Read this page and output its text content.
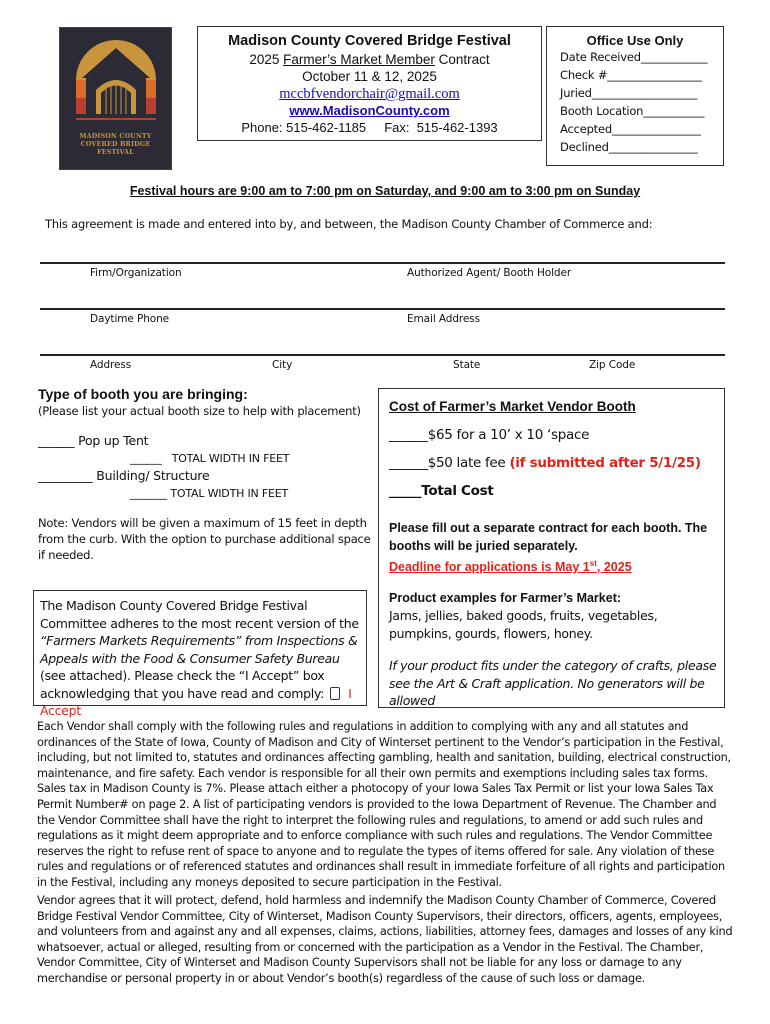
MADISON COUNTY
COVERED BRIDGE
FESTIVAL
Madison County Covered Bridge Festival
2025 Farmer’s Market Member Contract
October 11 & 12, 2025
mccbfvendorchair@gmail.com
www.MadisonCounty.com
Phone: 515-462-1185     Fax:  515-462-1393
Office Use Only
Date Received____________
Check #_________________
Juried___________________
Booth Location___________
Accepted________________
Declined________________
Festival hours are 9:00 am to 7:00 pm on Saturday, and 9:00 am to 3:00 pm on Sunday
This agreement is made and entered into by, and between, the Madison County Chamber of Commerce and:
Firm/Organization	Authorized Agent/ Booth Holder
Daytime Phone	Email Address
Address	City	State	Zip Code
Type of booth you are bringing:
(Please list your actual booth size to help with placement)
______ Pop up Tent
______   TOTAL WIDTH IN FEET
_________ Building/ Structure
_______ TOTAL WIDTH IN FEET
Note: Vendors will be given a maximum of 15 feet in depth from the curb. With the option to purchase additional space if needed.
The Madison County Covered Bridge Festival Committee adheres to the most recent version of the “Farmers Markets Requirements” from Inspections & Appeals with the Food & Consumer Safety Bureau (see attached). Please check the “I Accept” box acknowledging that you have read and comply: I Accept
Cost of Farmer’s Market Vendor Booth
______$65 for a 10’ x 10 ‘space
______$50 late fee (if submitted after 5/1/25)
_____Total Cost
Please fill out a separate contract for each booth. The booths will be juried separately.
Deadline for applications is May 1st, 2025
Product examples for Farmer’s Market:
Jams, jellies, baked goods, fruits, vegetables, pumpkins, gourds, flowers, honey.
If your product fits under the category of crafts, please see the Art & Craft application. No generators will be allowed
Each Vendor shall comply with the following rules and regulations in addition to complying with any and all statutes and ordinances of the State of Iowa, County of Madison and City of Winterset pertinent to the Vendor’s participation in the Festival, including, but not limited to, statutes and ordinances affecting gambling, health and sanitation, building, electrical construction, maintenance, and fire safety. Each vendor is responsible for all their own permits and exemptions including sales tax forms. Sales tax in Madison County is 7%. Please attach either a photocopy of your Iowa Sales Tax Permit or list your Iowa Sales Tax Permit Number# on page 2. A list of participating vendors is provided to the Iowa Department of Revenue. The Chamber and the Vendor Committee shall have the right to interpret the following rules and regulations, to amend or add such rules and regulations as it might deem appropriate and to enforce compliance with such rules and regulations. The Vendor Committee reserves the right to refuse rent of space to anyone and to regulate the types of items offered for sale. Any violation of these rules and regulations or of referenced statutes and ordinances shall result in immediate forfeiture of all rights and participation in the Festival, including any moneys deposited to secure participation in the Festival.
Vendor agrees that it will protect, defend, hold harmless and indemnify the Madison County Chamber of Commerce, Covered Bridge Festival Vendor Committee, City of Winterset, Madison County Supervisors, their directors, officers, agents, employees, and volunteers from and against any and all expenses, claims, actions, liabilities, attorney fees, damages and losses of any kind whatsoever, actual or alleged, resulting from or concerned with the participation as a Vendor in the Festival. The Chamber, Vendor Committee, City of Winterset and Madison County Supervisors shall not be liable for any loss or damage to any merchandise or personal property in or about Vendor’s booth(s) regardless of the cause of such loss or damage.
